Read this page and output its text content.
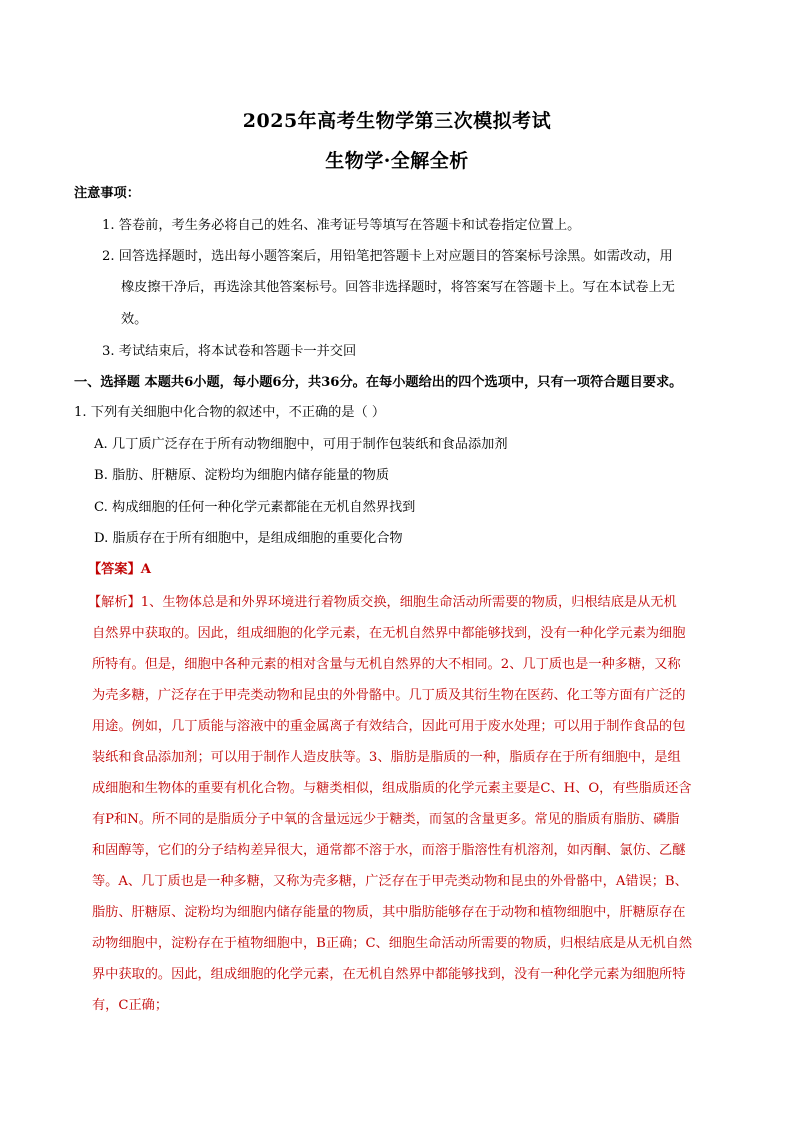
2025年高考生物学第三次模拟考试
生物学·全解全析
注意事项：
1. 答卷前，考生务必将自己的姓名、准考证号等填写在答题卡和试卷指定位置上。
2. 回答选择题时，选出每小题答案后，用铅笔把答题卡上对应题目的答案标号涂黑。如需改动，用
橡皮擦干净后，再选涂其他答案标号。回答非选择题时，将答案写在答题卡上。写在本试卷上无
效。
3. 考试结束后，将本试卷和答题卡一并交回
一、选择题 本题共6小题，每小题6分，共36分。在每小题给出的四个选项中，只有一项符合题目要求。
1. 下列有关细胞中化合物的叙述中，不正确的是（ ）
A. 几丁质广泛存在于所有动物细胞中，可用于制作包装纸和食品添加剂
B. 脂肪、肝糖原、淀粉均为细胞内储存能量的物质
C. 构成细胞的任何一种化学元素都能在无机自然界找到
D. 脂质存在于所有细胞中，是组成细胞的重要化合物
【答案】A
【解析】1、生物体总是和外界环境进行着物质交换，细胞生命活动所需要的物质，归根结底是从无机
自然界中获取的。因此，组成细胞的化学元素，在无机自然界中都能够找到，没有一种化学元素为细胞
所特有。但是，细胞中各种元素的相对含量与无机自然界的大不相同。2、几丁质也是一种多糖，又称
为壳多糖，广泛存在于甲壳类动物和昆虫的外骨骼中。几丁质及其衍生物在医药、化工等方面有广泛的
用途。例如，几丁质能与溶液中的重金属离子有效结合，因此可用于废水处理；可以用于制作食品的包
装纸和食品添加剂；可以用于制作人造皮肤等。3、脂肪是脂质的一种，脂质存在于所有细胞中，是组
成细胞和生物体的重要有机化合物。与糖类相似，组成脂质的化学元素主要是C、H、O，有些脂质还含
有P和N。所不同的是脂质分子中氧的含量远远少于糖类，而氢的含量更多。常见的脂质有脂肪、磷脂
和固醇等，它们的分子结构差异很大，通常都不溶于水，而溶于脂溶性有机溶剂，如丙酮、氯仿、乙醚
等。A、几丁质也是一种多糖，又称为壳多糖，广泛存在于甲壳类动物和昆虫的外骨骼中，A错误；B、
脂肪、肝糖原、淀粉均为细胞内储存能量的物质，其中脂肪能够存在于动物和植物细胞中，肝糖原存在
动物细胞中，淀粉存在于植物细胞中，B正确；C、细胞生命活动所需要的物质，归根结底是从无机自然
界中获取的。因此，组成细胞的化学元素，在无机自然界中都能够找到，没有一种化学元素为细胞所特
有，C正确；
